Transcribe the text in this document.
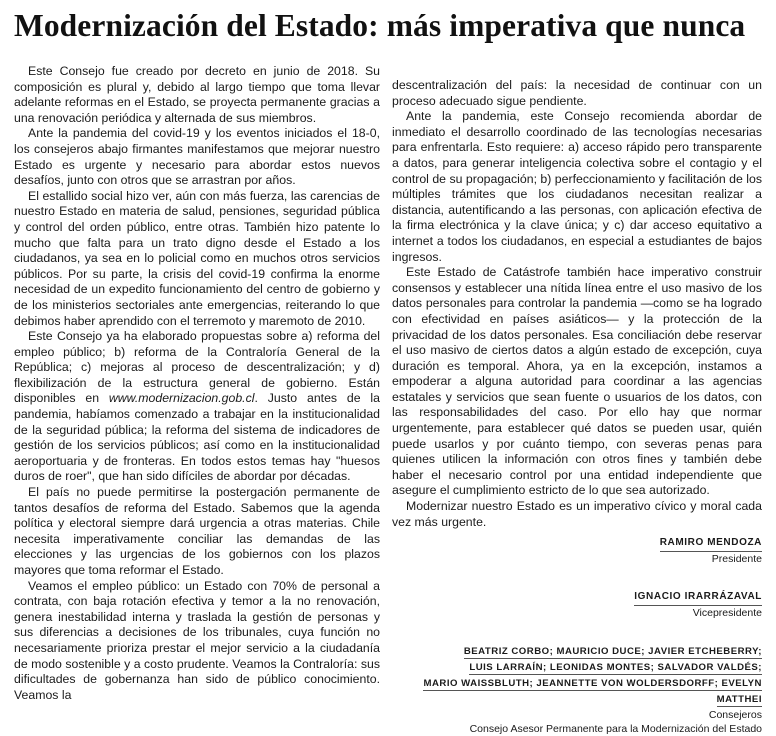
Modernización del Estado: más imperativa que nunca

Este Consejo fue creado por decreto en junio de 2018. Su composición es plural y, debido al largo tiempo que toma llevar adelante reformas en el Estado, se proyecta permanente gracias a una renovación periódica y alternada de sus miembros.

Ante la pandemia del covid-19 y los eventos iniciados el 18-0, los consejeros abajo firmantes manifestamos que mejorar nuestro Estado es urgente y necesario para abordar estos nuevos desafíos, junto con otros que se arrastran por años.

El estallido social hizo ver, aún con más fuerza, las carencias de nuestro Estado en materia de salud, pensiones, seguridad pública y control del orden público, entre otras. También hizo patente lo mucho que falta para un trato digno desde el Estado a los ciudadanos, ya sea en lo policial como en muchos otros servicios públicos. Por su parte, la crisis del covid-19 confirma la enorme necesidad de un expedito funcionamiento del centro de gobierno y de los ministerios sectoriales ante emergencias, reiterando lo que debimos haber aprendido con el terremoto y maremoto de 2010.

Este Consejo ya ha elaborado propuestas sobre a) reforma del empleo público; b) reforma de la Contraloría General de la República; c) mejoras al proceso de descentralización; y d) flexibilización de la estructura general de gobierno. Están disponibles en www.modernizacion.gob.cl. Justo antes de la pandemia, habíamos comenzado a trabajar en la institucionalidad de la seguridad pública; la reforma del sistema de indicadores de gestión de los servicios públicos; así como en la institucionalidad aeroportuaria y de fronteras. En todos estos temas hay "huesos duros de roer", que han sido difíciles de abordar por décadas.

El país no puede permitirse la postergación permanente de tantos desafíos de reforma del Estado. Sabemos que la agenda política y electoral siempre dará urgencia a otras materias. Chile necesita imperativamente conciliar las demandas de las elecciones y las urgencias de los gobiernos con los plazos mayores que toma reformar el Estado.

Veamos el empleo público: un Estado con 70% de personal a contrata, con baja rotación efectiva y temor a la no renovación, genera inestabilidad interna y traslada la gestión de personas y sus diferencias a decisiones de los tribunales, cuya función no necesariamente prioriza prestar el mejor servicio a la ciudadanía de modo sostenible y a costo prudente. Veamos la Contraloría: sus dificultades de gobernanza han sido de público conocimiento. Veamos la

descentralización del país: la necesidad de continuar con un proceso adecuado sigue pendiente.

Ante la pandemia, este Consejo recomienda abordar de inmediato el desarrollo coordinado de las tecnologías necesarias para enfrentarla. Esto requiere: a) acceso rápido pero transparente a datos, para generar inteligencia colectiva sobre el contagio y el control de su propagación; b) perfeccionamiento y facilitación de los múltiples trámites que los ciudadanos necesitan realizar a distancia, autentificando a las personas, con aplicación efectiva de la firma electrónica y la clave única; y c) dar acceso equitativo a internet a todos los ciudadanos, en especial a estudiantes de bajos ingresos.

Este Estado de Catástrofe también hace imperativo construir consensos y establecer una nítida línea entre el uso masivo de los datos personales para controlar la pandemia —como se ha logrado con efectividad en países asiáticos— y la protección de la privacidad de los datos personales. Esa conciliación debe reservar el uso masivo de ciertos datos a algún estado de excepción, cuya duración es temporal. Ahora, ya en la excepción, instamos a empoderar a alguna autoridad para coordinar a las agencias estatales y servicios que sean fuente o usuarios de los datos, con las responsabilidades del caso. Por ello hay que normar urgentemente, para establecer qué datos se pueden usar, quién puede usarlos y por cuánto tiempo, con severas penas para quienes utilicen la información con otros fines y también debe haber el necesario control por una entidad independiente que asegure el cumplimiento estricto de lo que sea autorizado.

Modernizar nuestro Estado es un imperativo cívico y moral cada vez más urgente.

RAMIRO MENDOZA
Presidente
IGNACIO IRARRÁZAVAL
Vicepresidente
BEATRIZ CORBO; MAURICIO DUCE; JAVIER ETCHEBERRY;
LUIS LARRAÍN; LEONIDAS MONTES; SALVADOR VALDÉS;
MARIO WAISSBLUTH; JEANNETTE VON WOLDERSDORFF; EVELYN MATTHEI
Consejeros
Consejo Asesor Permanente para la Modernización del Estado
